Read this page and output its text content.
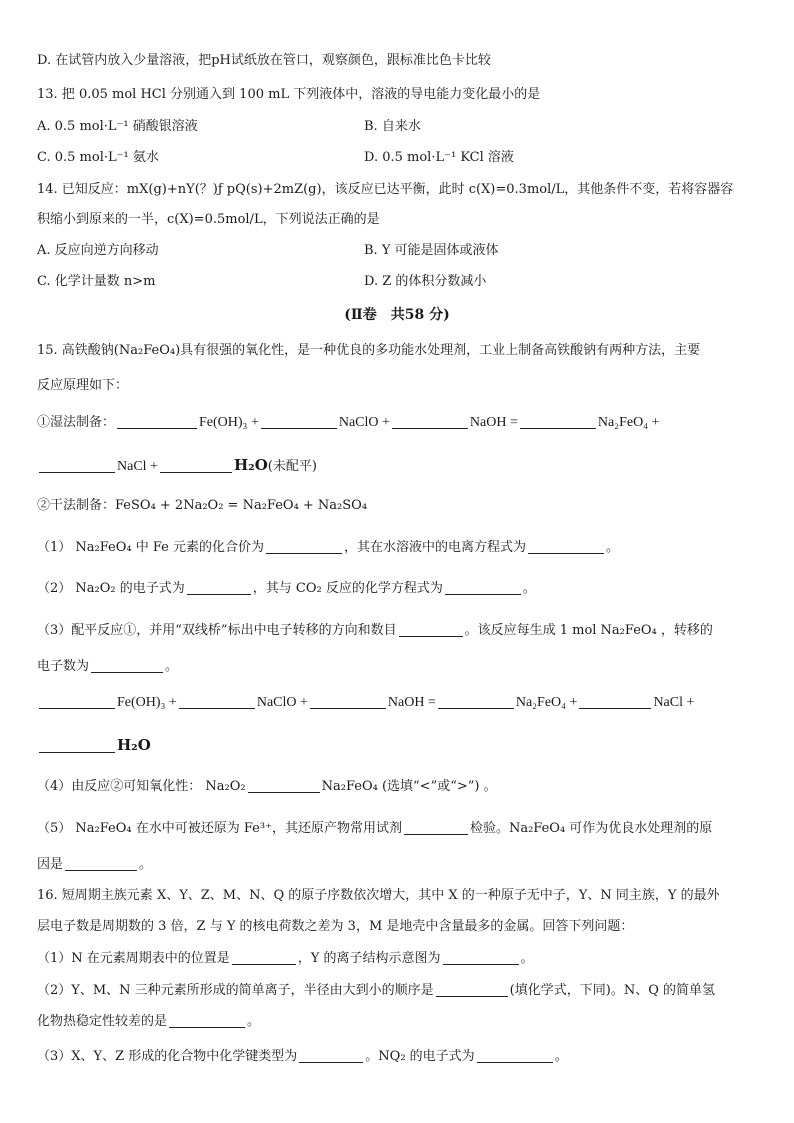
D. 在试管内放入少量溶液，把pH试纸放在管口，观察颜色，跟标准比色卡比较
13. 把 0.05 mol HCl 分别通入到 100 mL 下列液体中，溶液的导电能力变化最小的是
A. 0.5 mol·L⁻¹ 硝酸银溶液	B. 自来水
C. 0.5 mol·L⁻¹ 氨水	D. 0.5 mol·L⁻¹ KCl 溶液
14. 已知反应：mX(g)+nY(？)ƒ pQ(s)+2mZ(g)，该反应已达平衡，此时 c(X)=0.3mol/L，其他条件不变，若将容器容
积缩小到原来的一半，c(X)=0.5mol/L，下列说法正确的是
A. 反应向逆方向移动	B. Y 可能是固体或液体
C. 化学计量数 n>m	D. Z 的体积分数减小
(Ⅱ卷　共58 分)
15. 高铁酸钠(Na₂FeO₄)具有很强的氧化性，是一种优良的多功能水处理剂，工业上制备高铁酸钠有两种方法，主要
反应原理如下：
①湿法制备：	Fe(OH)₃ +	NaClO +	NaOH =	Na₂FeO₄ +
NaCl +	H₂O(未配平)
②干法制备：FeSO₄ + 2Na₂O₂ = Na₂FeO₄ + Na₂SO₄
（1） Na₂FeO₄ 中 Fe 元素的化合价为	，其在水溶液中的电离方程式为	。
（2） Na₂O₂ 的电子式为	，其与 CO₂ 反应的化学方程式为	。
（3）配平反应①，并用“双线桥”标出中电子转移的方向和数目	。该反应每生成 1 mol Na₂FeO₄ ，转移的
电子数为	。
Fe(OH)₃ +	NaClO +	NaOH =	Na₂FeO₄ +	NaCl +
H₂O
（4）由反应②可知氧化性： Na₂O₂	Na₂FeO₄ (选填“<”或“>”) 。
（5） Na₂FeO₄ 在水中可被还原为 Fe³⁺，其还原产物常用试剂	检验。Na₂FeO₄ 可作为优良水处理剂的原
因是	。
16. 短周期主族元素 X、Y、Z、M、N、Q 的原子序数依次增大，其中 X 的一种原子无中子，Y、N 同主族，Y 的最外
层电子数是周期数的 3 倍，Z 与 Y 的核电荷数之差为 3，M 是地壳中含量最多的金属。回答下列问题：
（1）N 在元素周期表中的位置是	，Y 的离子结构示意图为	。
（2）Y、M、N 三种元素所形成的简单离子，半径由大到小的顺序是	(填化学式，下同)。N、Q 的简单氢
化物热稳定性较差的是	。
（3）X、Y、Z 形成的化合物中化学键类型为	。NQ₂ 的电子式为	。
